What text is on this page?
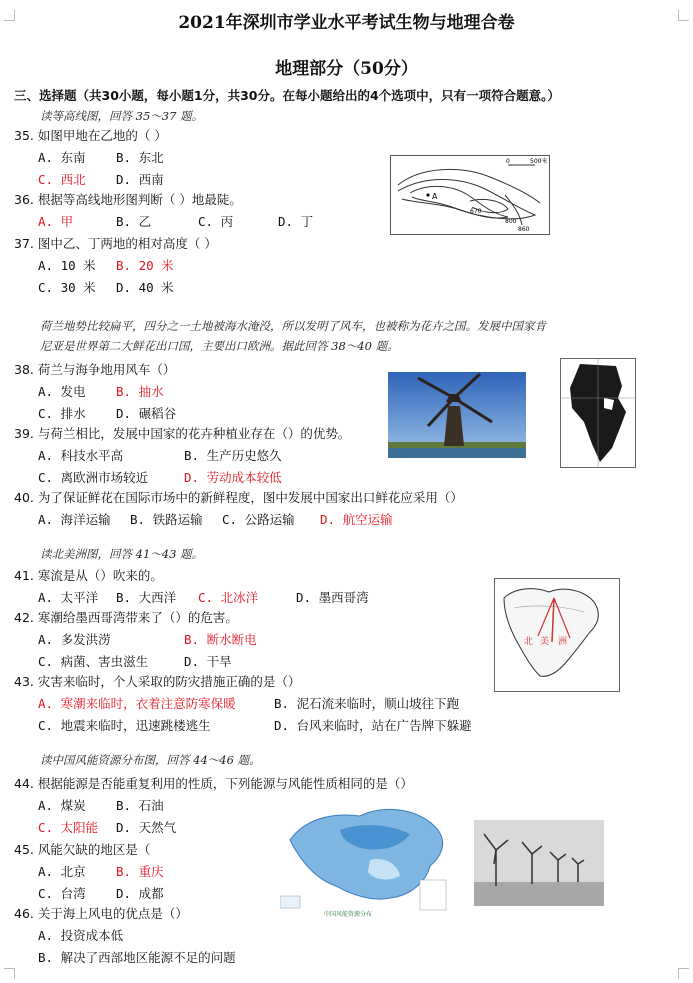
2021年深圳市学业水平考试生物与地理合卷
地理部分（50分）
三、选择题（共30小题，每小题1分，共30分。在每小题给出的4个选项中，只有一项符合题意。）
读等高线图，回答 35～37 题。
35. 如图甲地在乙地的（ ）
A. 东南 B. 东北
C. 西北 D. 西南
36. 根据等高线地形图判断（ ）地最陡。
A. 甲	B. 乙	C. 丙	D. 丁
37. 图中乙、丁两地的相对高度（ ）
A. 10 米 B. 20 米
C. 30 米 D. 40 米
荷兰地势比较扁平，四分之一土地被海水淹没，所以发明了风车，也被称为花卉之国。发展中国家肯
尼亚是世界第二大鲜花出口国，主要出口欧洲。据此回答 38～40 题。
38. 荷兰与海争地用风车（）
A. 发电 B. 抽水
C. 排水 D. 碾稻谷
39. 与荷兰相比，发展中国家的花卉种植业存在（）的优势。
A. 科技水平高	B. 生产历史悠久
C. 离欧洲市场较近	D. 劳动成本较低
40. 为了保证鲜花在国际市场中的新鲜程度，图中发展中国家出口鲜花应采用（）
A. 海洋运输 B. 铁路运输 C. 公路运输 D. 航空运输
读北美洲图，回答 41～43 题。
41. 寒流是从（）吹来的。
A. 太平洋 B. 大西洋 C. 北冰洋	D. 墨西哥湾
42. 寒潮给墨西哥湾带来了（）的危害。
A. 多发洪涝	B. 断水断电
C. 病菌、害虫滋生	D. 干旱
43. 灾害来临时，个人采取的防灾措施正确的是（）
A. 寒潮来临时，衣着注意防寒保暖	B. 泥石流来临时，顺山坡往下跑
C. 地震来临时，迅速跳楼逃生	D. 台风来临时，站在广告牌下躲避
读中国风能资源分布图，回答 44～46 题。
44. 根据能源是否能重复利用的性质，下列能源与风能性质相同的是（）
A. 煤炭 B. 石油
C. 太阳能 D. 天然气
45. 风能欠缺的地区是（
A. 北京 B. 重庆
C. 台湾 D. 成都
46. 关于海上风电的优点是（）
A. 投资成本低
B. 解决了西部地区能源不足的问题
A
0	500米
670
800
860
北 美 洲
中国风能资源分布
